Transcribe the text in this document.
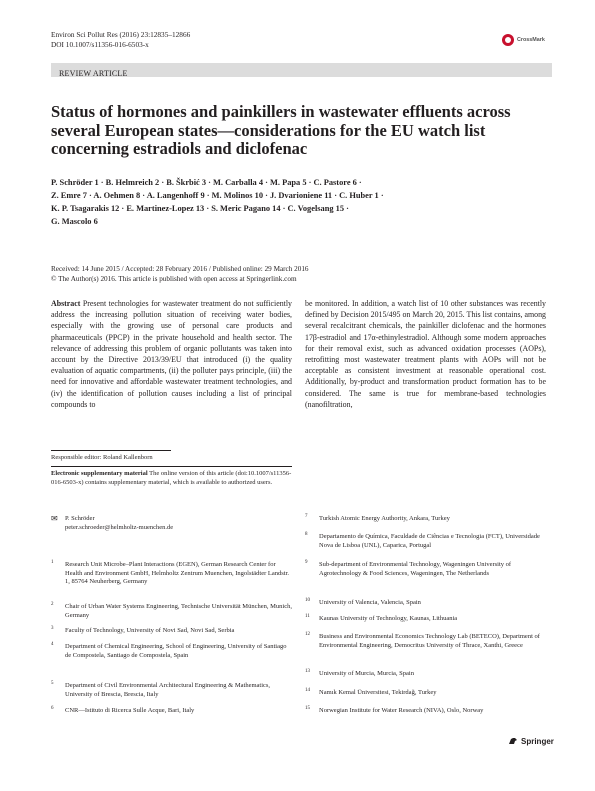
Environ Sci Pollut Res (2016) 23:12835–12866
DOI 10.1007/s11356-016-6503-x	CrossMark
REVIEW ARTICLE
Status of hormones and painkillers in wastewater effluents across several European states—considerations for the EU watch list concerning estradiols and diclofenac
P. Schröder 1 · B. Helmreich 2 · B. Škrbić 3 · M. Carballa 4 · M. Papa 5 · C. Pastore 6 ·
Z. Emre 7 · A. Oehmen 8 · A. Langenhoff 9 · M. Molinos 10 · J. Dvarioniene 11 · C. Huber 1 ·
K. P. Tsagarakis 12 · E. Martinez-Lopez 13 · S. Meric Pagano 14 · C. Vogelsang 15 ·
G. Mascolo 6
Received: 14 June 2015 / Accepted: 28 February 2016 / Published online: 29 March 2016
© The Author(s) 2016. This article is published with open access at Springerlink.com
Abstract Present technologies for wastewater treatment do not sufficiently address the increasing pollution situation of receiving water bodies, especially with the growing use of personal care products and pharmaceuticals (PPCP) in the private household and health sector. The relevance of addressing this problem of organic pollutants was taken into account by the Directive 2013/39/EU that introduced (i) the quality evaluation of aquatic compartments, (ii) the polluter pays principle, (iii) the need for innovative and affordable wastewater treatment technologies, and (iv) the identification of pollution causes including a list of principal compounds to
be monitored. In addition, a watch list of 10 other substances was recently defined by Decision 2015/495 on March 20, 2015. This list contains, among several recalcitrant chemicals, the painkiller diclofenac and the hormones 17β-estradiol and 17α-ethinylestradiol. Although some modern approaches for their removal exist, such as advanced oxidation processes (AOPs), retrofitting most wastewater treatment plants with AOPs will not be acceptable as consistent investment at reasonable operational cost. Additionally, by-product and transformation product formation has to be considered. The same is true for membrane-based technologies (nanofiltration,
Responsible editor: Roland Kallenborn
Electronic supplementary material The online version of this article (doi:10.1007/s11356-016-6503-x) contains supplementary material, which is available to authorized users.
✉ P. Schröder
peter.schroeder@helmholtz-muenchen.de
1 Research Unit Microbe–Plant Interactions (EGEN), German Research Center for Health and Environment GmbH, Helmholtz Zentrum Muenchen, Ingolstädter Landstr. 1, 85764 Neuherberg, Germany
2 Chair of Urban Water Systems Engineering, Technische Universität München, Munich, Germany
3 Faculty of Technology, University of Novi Sad, Novi Sad, Serbia
4 Department of Chemical Engineering, School of Engineering, University of Santiago de Compostela, Santiago de Compostela, Spain
5 Department of Civil Environmental Architectural Engineering & Mathematics, University of Brescia, Brescia, Italy
6 CNR—Istituto di Ricerca Sulle Acque, Bari, Italy
7 Turkish Atomic Energy Authority, Ankara, Turkey
8 Departamento de Química, Faculdade de Ciências e Tecnologia (FCT), Universidade Nova de Lisboa (UNL), Caparica, Portugal
9 Sub-department of Environmental Technology, Wageningen University of Agrotechnology & Food Sciences, Wageningen, The Netherlands
10 University of Valencia, Valencia, Spain
11 Kaunas University of Technology, Kaunas, Lithuania
12 Business and Environmental Economics Technology Lab (BETECO), Department of Environmental Engineering, Democritus University of Thrace, Xanthi, Greece
13 University of Murcia, Murcia, Spain
14 Namık Kemal Üniversitesi, Tekirdağ, Turkey
15 Norwegian Institute for Water Research (NIVA), Oslo, Norway
Springer
